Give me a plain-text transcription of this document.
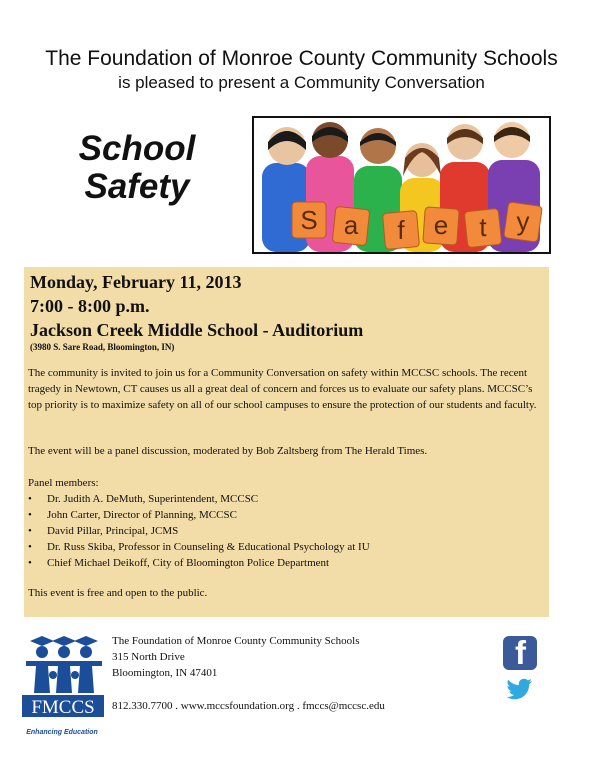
The Foundation of Monroe County Community Schools
is pleased to present a Community Conversation
School
Safety
S a f e t y
Monday, February 11, 2013
7:00 - 8:00 p.m.
Jackson Creek Middle School - Auditorium
(3980 S. Sare Road, Bloomington, IN)
The community is invited to join us for a Community Conversation on safety within MCCSC schools. The recent tragedy in Newtown, CT causes us all a great deal of concern and forces us to evaluate our safety plans. MCCSC’s top priority is to maximize safety on all of our school campuses to ensure the protection of our students and faculty.
The event will be a panel discussion, moderated by Bob Zaltsberg from The Herald Times.
Panel members:
• Dr. Judith A. DeMuth, Superintendent, MCCSC
• John Carter, Director of Planning, MCCSC
• David Pillar, Principal, JCMS
• Dr. Russ Skiba, Professor in Counseling & Educational Psychology at IU
• Chief Michael Deikoff, City of Bloomington Police Department
This event is free and open to the public.
FMCCS
Enhancing Education
The Foundation of Monroe County Community Schools
315 North Drive
Bloomington, IN 47401
812.330.7700 . www.mccsfoundation.org . fmccs@mccsc.edu
f
